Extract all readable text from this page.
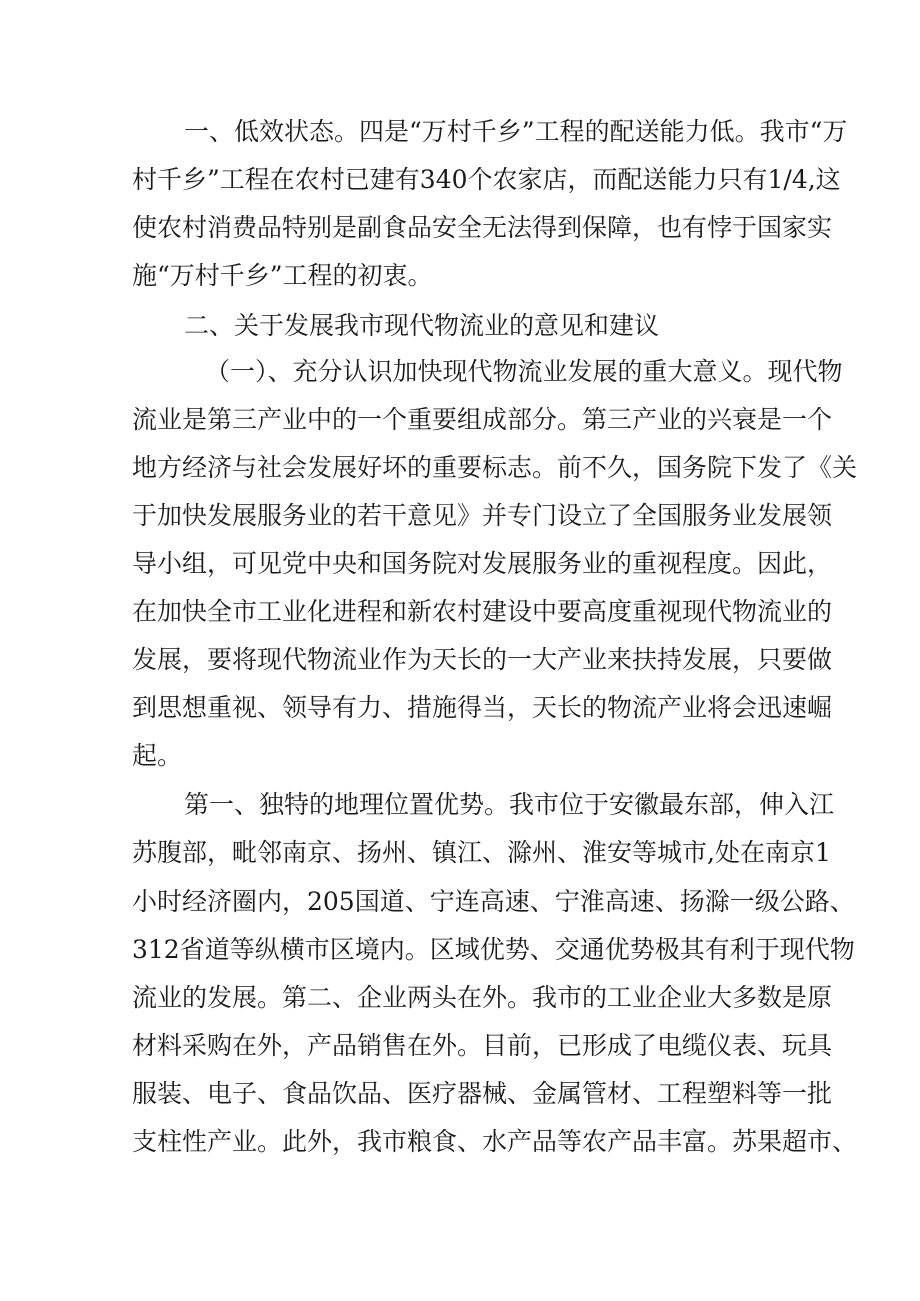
一、低效状态。四是“万村千乡”工程的配送能力低。我市“万
村千乡”工程在农村已建有340个农家店，而配送能力只有1/4,这
使农村消费品特别是副食品安全无法得到保障，也有悖于国家实
施“万村千乡”工程的初衷。
二、关于发展我市现代物流业的意见和建议
（一）、充分认识加快现代物流业发展的重大意义。现代物
流业是第三产业中的一个重要组成部分。第三产业的兴衰是一个
地方经济与社会发展好坏的重要标志。前不久，国务院下发了《关
于加快发展服务业的若干意见》并专门设立了全国服务业发展领
导小组，可见党中央和国务院对发展服务业的重视程度。因此，
在加快全市工业化进程和新农村建设中要高度重视现代物流业的
发展，要将现代物流业作为天长的一大产业来扶持发展，只要做
到思想重视、领导有力、措施得当，天长的物流产业将会迅速崛
起。
第一、独特的地理位置优势。我市位于安徽最东部，伸入江
苏腹部，毗邻南京、扬州、镇江、滁州、淮安等城市,处在南京1
小时经济圈内，205国道、宁连高速、宁淮高速、扬滁一级公路、
312省道等纵横市区境内。区域优势、交通优势极其有利于现代物
流业的发展。第二、企业两头在外。我市的工业企业大多数是原
材料采购在外，产品销售在外。目前，已形成了电缆仪表、玩具
服装、电子、食品饮品、医疗器械、金属管材、工程塑料等一批
支柱性产业。此外，我市粮食、水产品等农产品丰富。苏果超市、
